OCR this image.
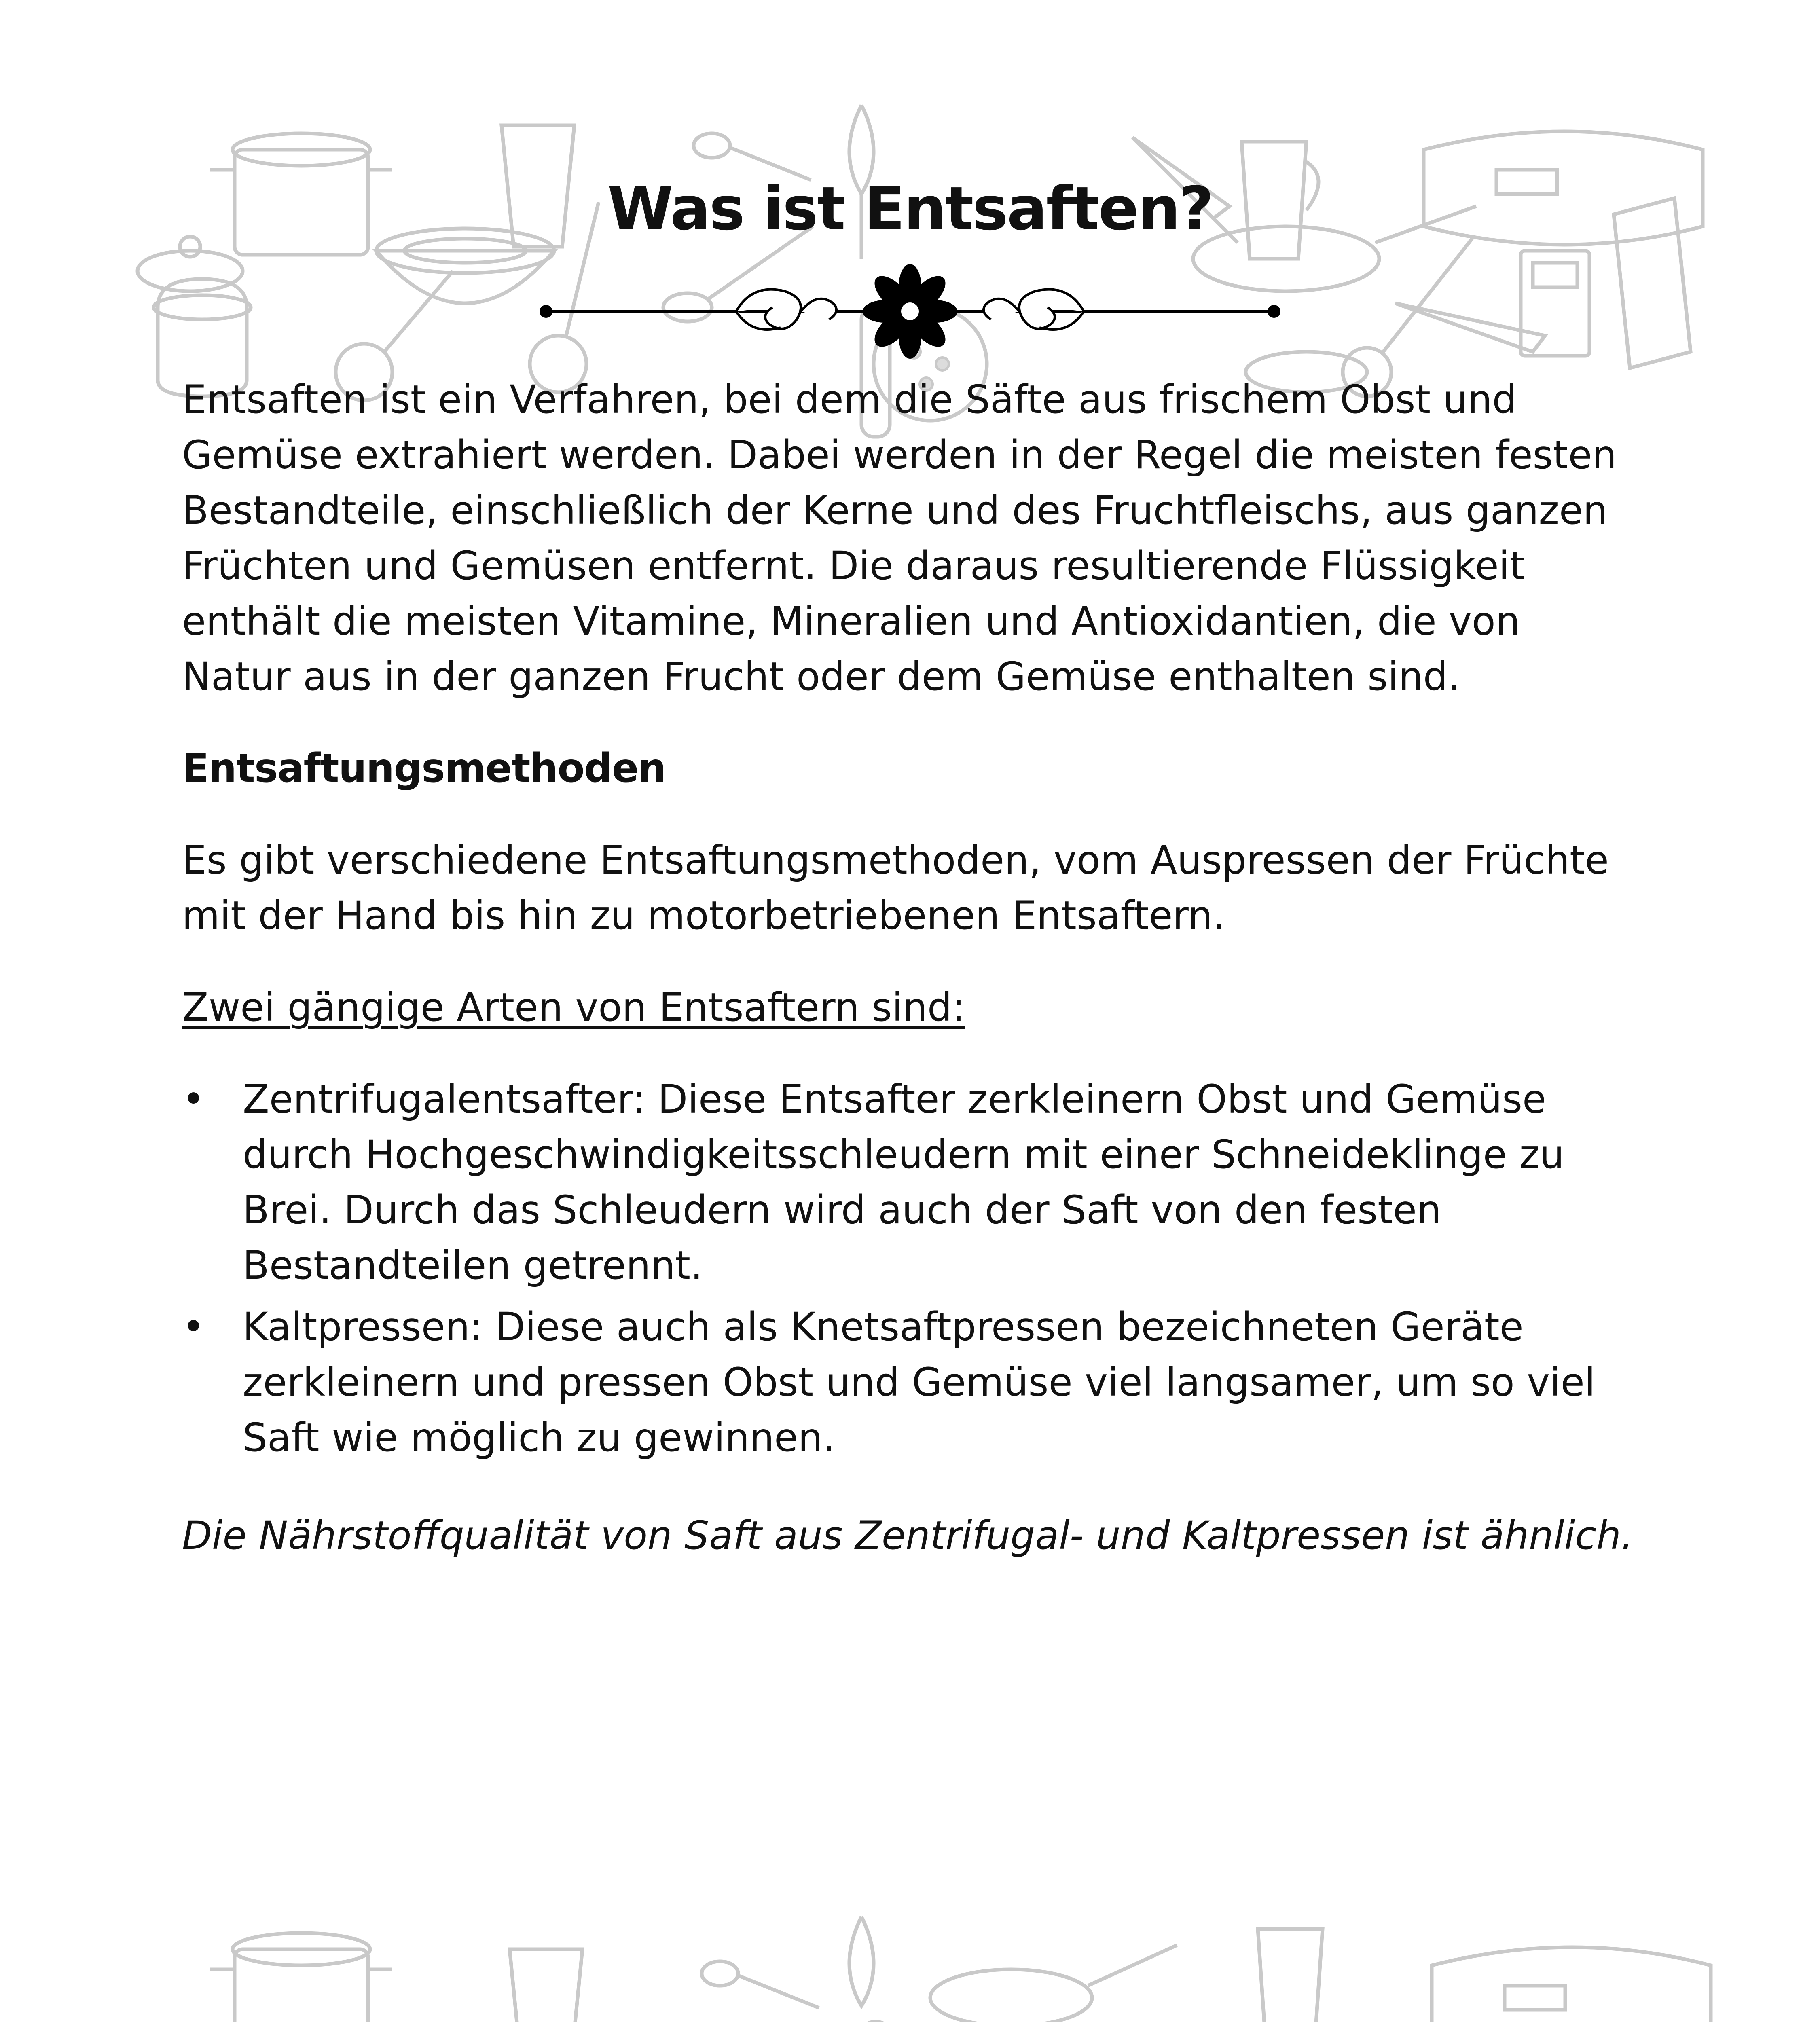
Was ist Entsaften?

Entsaften ist ein Verfahren, bei dem die Säfte aus frischem Obst und Gemüse extrahiert werden. Dabei werden in der Regel die meisten festen Bestandteile, einschließlich der Kerne und des Fruchtfleischs, aus ganzen Früchten und Gemüsen entfernt. Die daraus resultierende Flüssigkeit enthält die meisten Vitamine, Mineralien und Antioxidantien, die von Natur aus in der ganzen Frucht oder dem Gemüse enthalten sind.

Entsaftungsmethoden

Es gibt verschiedene Entsaftungsmethoden, vom Auspressen der Früchte mit der Hand bis hin zu motorbetriebenen Entsaftern.

Zwei gängige Arten von Entsaftern sind:

• Zentrifugalentsafter: Diese Entsafter zerkleinern Obst und Gemüse durch Hochgeschwindigkeitsschleudern mit einer Schneideklinge zu Brei. Durch das Schleudern wird auch der Saft von den festen Bestandteilen getrennt.
• Kaltpressen: Diese auch als Knetsaftpressen bezeichneten Geräte zerkleinern und pressen Obst und Gemüse viel langsamer, um so viel Saft wie möglich zu gewinnen.

Die Nährstoffqualität von Saft aus Zentrifugal- und Kaltpressen ist ähnlich.
